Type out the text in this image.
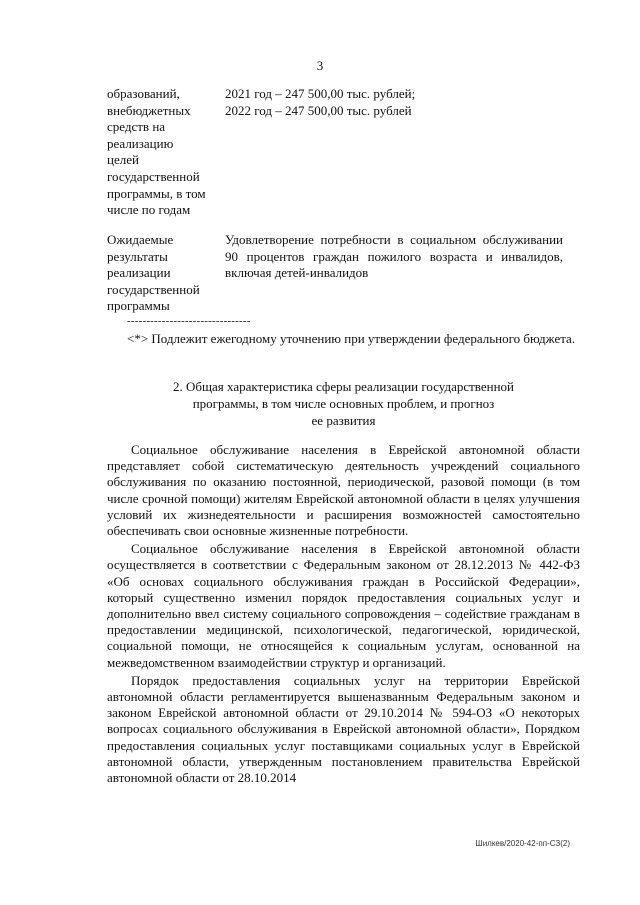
3
образований,
внебюджетных
средств на
реализацию
целей
государственной
программы, в том
числе по годам
2021 год – 247 500,00 тыс. рублей;
2022 год – 247 500,00 тыс. рублей
Ожидаемые
результаты
реализации
государственной
программы
Удовлетворение потребности в социальном обслуживании 90 процентов граждан пожилого возраста и инвалидов, включая детей-инвалидов
--------------------------------
<*> Подлежит ежегодному уточнению при утверждении федерального бюджета.
2. Общая характеристика сферы реализации государственной
программы, в том числе основных проблем, и прогноз
ее развития

Социальное обслуживание населения в Еврейской автономной области представляет собой систематическую деятельность учреждений социального обслуживания по оказанию постоянной, периодической, разовой помощи (в том числе срочной помощи) жителям Еврейской автономной области в целях улучшения условий их жизнедеятельности и расширения возможностей самостоятельно обеспечивать свои основные жизненные потребности.

Социальное обслуживание населения в Еврейской автономной области осуществляется в соответствии с Федеральным законом от 28.12.2013 № 442-ФЗ «Об основах социального обслуживания граждан в Российской Федерации», который существенно изменил порядок предоставления социальных услуг и дополнительно ввел систему социального сопровождения – содействие гражданам в предоставлении медицинской, психологической, педагогической, юридической, социальной помощи, не относящейся к социальным услугам, основанной на межведомственном взаимодействии структур и организаций.

Порядок предоставления социальных услуг на территории Еврейской автономной области регламентируется вышеназванным Федеральным законом и законом Еврейской автономной области от 29.10.2014 № 594-ОЗ «О некоторых вопросах социального обслуживания в Еврейской автономной области», Порядком предоставления социальных услуг поставщиками социальных услуг в Еврейской автономной области, утвержденным постановлением правительства Еврейской автономной области от 28.10.2014

Шилкев/2020-42-пп-СЗ(2)
